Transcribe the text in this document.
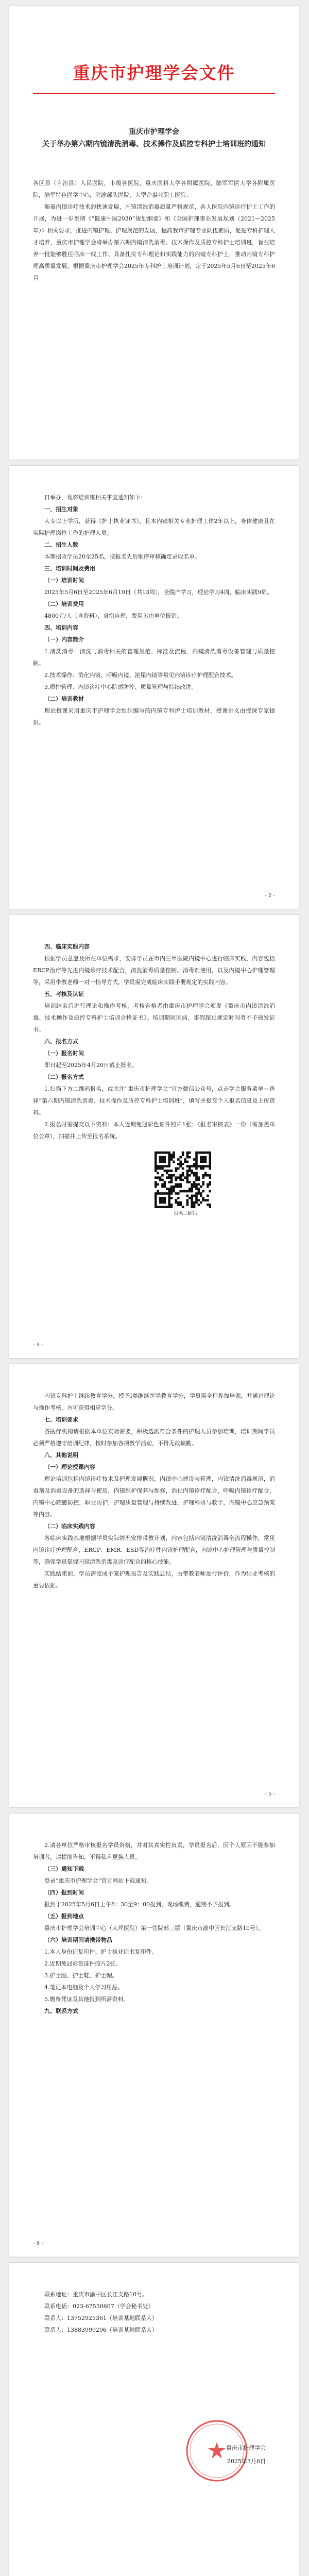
重庆市护理学会文件

重庆市护理学会

关于举办第六期内镜清洗消毒、技术操作及质控专科护士培训班的通知

各区县（自治县）人民医院，市级各医院，重庆医科大学各附属医院，陆军军医大学各附属医院，陆军特色医学中心，驻渝部队医院，大型企事业职工医院：

随着内镜诊疗技术的快速发展，内镜清洗消毒质量严格规范，各大医院内镜诊疗护士工作的开展，为进一步贯彻《“健康中国2030”规划纲要》和《全国护理事业发展规划（2021—2025年）》相关要求，推进内镜护理、护理规范的发展，提高我市护理专业队伍素质，促进专科护理人才培养，重庆市护理学会将举办第六期内镜清洗消毒、技术操作及质控专科护士培训班，旨在培养一批能够胜任临床一线工作、具备扎实专科理论和实践能力的内镜专科护士，推动内镜专科护理高质量发展。根据重庆市护理学会2025年专科护士培训计划，定于2025年5月6日至2025年6月

日举办，现将培训班相关事宜通知如下：

一、招生对象

大专以上学历，获得《护士执业证书》，且本内镜相关专业护理工作2年以上，身体健康且在实际护理岗位工作的护理人员。

二、招生人数

本期招收学员20至25名，按报名先后顺序审核确定录取名单。

三、培训时间及费用

（一）培训时间

2025年5月6日至2025年6月10日（共13周），全脱产学习，理论学习4周，临床实践9周。

（二）培训费用

4800元/人（含资料），食宿自理，费用另由单位报销。

四、培训内容

（一）内容简介

1.清洗消毒：清洗与消毒相关的管理规范、标准及流程，内镜清洗消毒设备管理与质量控制。

2.技术操作：消化内镜、呼吸内镜、泌尿内镜等常见内镜诊疗护理配合技术。

3.质控管理：内镜诊疗中心院感防控、质量管理与持续改进。

（二）培训教材

理论授课采用重庆市护理学会组织编写的内镜专科护士培训教材，授课讲义由授课专家提供。

- 2 -

四、临床实践内容

根据学员意愿及所在单位需求，安排学员在市内三甲医院内镜中心进行临床实践，内容包括ERCP治疗等先进内镜诊疗技术配合，清洗消毒质量控制、消毒剂使用，以及内镜中心护理管理等，采用带教老师一对一指导方式。学员需完成临床实践手册规定的实践内容。

五、考核及认证

培训结束后进行理论和操作考核，考核合格者由重庆市护理学会颁发《重庆市内镜清洗消毒、技术操作及质控专科护士培训合格证书》。培训期间因病、事假超过规定时间者不予颁发证书。

六、报名方式

（一）报名时间

即日起至2025年4月20日截止报名。

（二）报名方式

1.扫描下方二维码报名，或关注“重庆市护理学会”官方微信公众号，点击学会服务菜单—选择“第六期内镜清洗消毒、技术操作及质控专科护士培训班”，填写并提交个人报名信息及上传资料。

2.报名时需提交以下资料：本人近期免冠彩色证件照片1张；《报名审核表》一份（需加盖单位公章），扫描并上传至报名系统。

报名二维码
- 4 -

内镜专科护士继续教育学分，授予Ⅰ类继续医学教育学分，学员需全程参加培训，并通过理论与操作考核，方可获得相应学分。

七、培训要求

各医疗机构请根据本单位实际需要，积极选派符合条件的护理人员参加培训，培训期间学员必须严格遵守培训纪律，按时参加各项教学活动，不得无故缺勤。

八、其他说明

（一）理论授课内容

理论培训包括内镜诊疗技术及护理发展概况，内镜中心建设与管理，内镜清洗消毒规范，消毒剂及消毒设备的选择与使用，内镜维护保养与维修，消化内镜诊疗配合，呼吸内镜诊疗配合，内镜中心院感防控，职业防护，护理质量管理与持续改进，护理科研与教学，内镜中心应急预案等内容。

（二）临床实践内容

各临床实践基地根据学员实际情况安排带教计划，内容包括内镜清洗消毒全流程操作，常见内镜诊疗护理配合，ERCP、EMR、ESD等治疗性内镜护理配合，内镜中心护理管理与质量控制等，确保学员掌握内镜清洗消毒及诊疗配合的核心技能。

实践结束前，学员需完成个案护理报告及实践总结，由带教老师进行评价，作为结业考核的重要依据。

- 5 -

2.请各单位严格审核报名学员资格，并对其真实性负责，学员报名后，因个人原因不能参加培训者，请提前告知，不得私自更换人员。

（三）通知下载

登录“重庆市护理学会”官方网站下载通知。

（四）报到时间

报到于2025年5月6日上午8：30至9：00报到，现场缴费，逾期不予报到。

（五）报到地点

重庆市护理学会培训中心（大坪医院）第一住院部三层（重庆市渝中区长江支路10号）。

（六）培训期间请携带物品

1.本人身份证复印件、护士执业证书复印件。

2.近期免冠彩色证件照片2张。

3.护士服、护士鞋、护士帽。

4.笔记本电脑及个人学习用品。

5.缴费凭证及其他报到所需资料。

九、联系方式

- 6 -

联系地址：重庆市渝中区长江支路10号。

联系电话：023-67550607（学会秘书处）

联系人：13752925361（培训基地联系人）

联系人：13883999296（培训基地联系人）

重庆市护理学会
2025年3月6日
